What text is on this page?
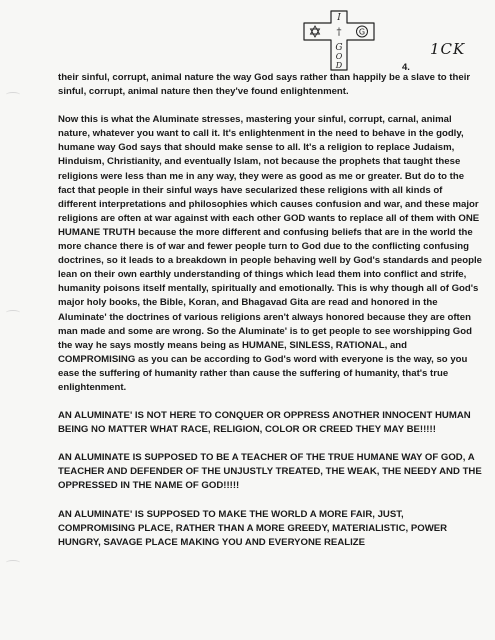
G
I
†
G
O
D
1CK
4.

their sinful, corrupt, animal nature the way God says rather than happily be a slave to their sinful, corrupt, animal nature then they've found enlightenment.

Now this is what the Aluminate stresses, mastering your sinful, corrupt, carnal, animal nature, whatever you want to call it. It's enlightenment in the need to behave in the godly, humane way God says that should make sense to all. It's a religion to replace Judaism, Hinduism, Christianity, and eventually Islam, not because the prophets that taught these religions were less than me in any way, they were as good as me or greater. But do to the fact that people in their sinful ways have secularized these religions with all kinds of different interpretations and philosophies which causes confusion and war, and these major religions are often at war against with each other GOD wants to replace all of them with ONE HUMANE TRUTH because the more different and confusing beliefs that are in the world the more chance there is of war and fewer people turn to God due to the conflicting confusing doctrines, so it leads to a breakdown in people behaving well by God's standards and people lean on their own earthly understanding of things which lead them into conflict and strife, humanity poisons itself mentally, spiritually and emotionally. This is why though all of God's major holy books, the Bible, Koran, and Bhagavad Gita are read and honored in the Aluminate' the doctrines of various religions aren't always honored because they are often man made and some are wrong. So the Aluminate' is to get people to see worshipping God the way he says mostly means being as HUMANE, SINLESS, RATIONAL, and COMPROMISING as you can be according to God's word with everyone is the way, so you ease the suffering of humanity rather than cause the suffering of humanity, that's true enlightenment.

AN ALUMINATE' IS NOT HERE TO CONQUER OR OPPRESS ANOTHER INNOCENT HUMAN BEING NO MATTER WHAT RACE, RELIGION, COLOR OR CREED THEY MAY BE!!!!!

AN ALUMINATE IS SUPPOSED TO BE A TEACHER OF THE TRUE HUMANE WAY OF GOD, A TEACHER AND DEFENDER OF THE UNJUSTLY TREATED, THE WEAK, THE NEEDY AND THE OPPRESSED IN THE NAME OF GOD!!!!!

AN ALUMINATE' IS SUPPOSED TO MAKE THE WORLD A MORE FAIR, JUST, COMPROMISING PLACE, RATHER THAN A MORE GREEDY, MATERIALISTIC, POWER HUNGRY, SAVAGE PLACE MAKING YOU AND EVERYONE REALIZE
